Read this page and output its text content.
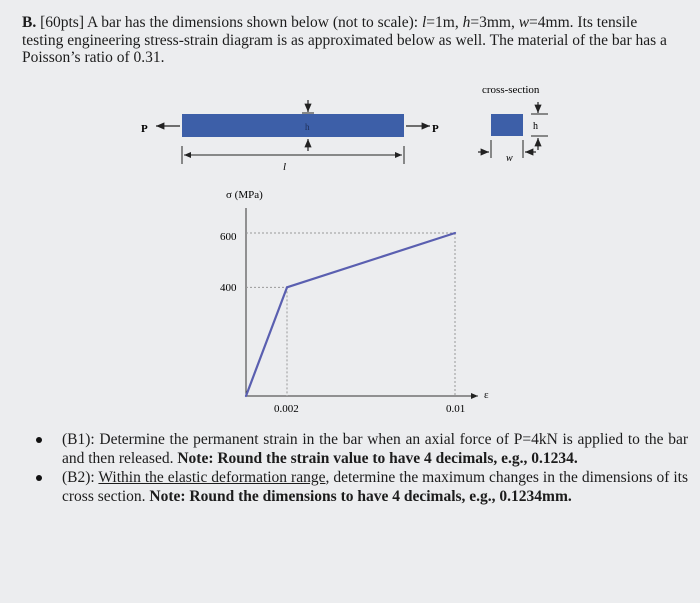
B. [60pts] A bar has the dimensions shown below (not to scale): l=1m, h=3mm, w=4mm. Its tensile testing engineering stress-strain diagram is as approximated below as well. The material of the bar has a Poisson’s ratio of 0.31.
P	P
h
l
cross-section
h
w
σ (MPa)
ε
600
400
0.002	0.01
(B1): Determine the permanent strain in the bar when an axial force of P=4kN is applied to the bar and then released. Note: Round the strain value to have 4 decimals, e.g., 0.1234.
(B2): Within the elastic deformation range, determine the maximum changes in the dimensions of its cross section. Note: Round the dimensions to have 4 decimals, e.g., 0.1234mm.
